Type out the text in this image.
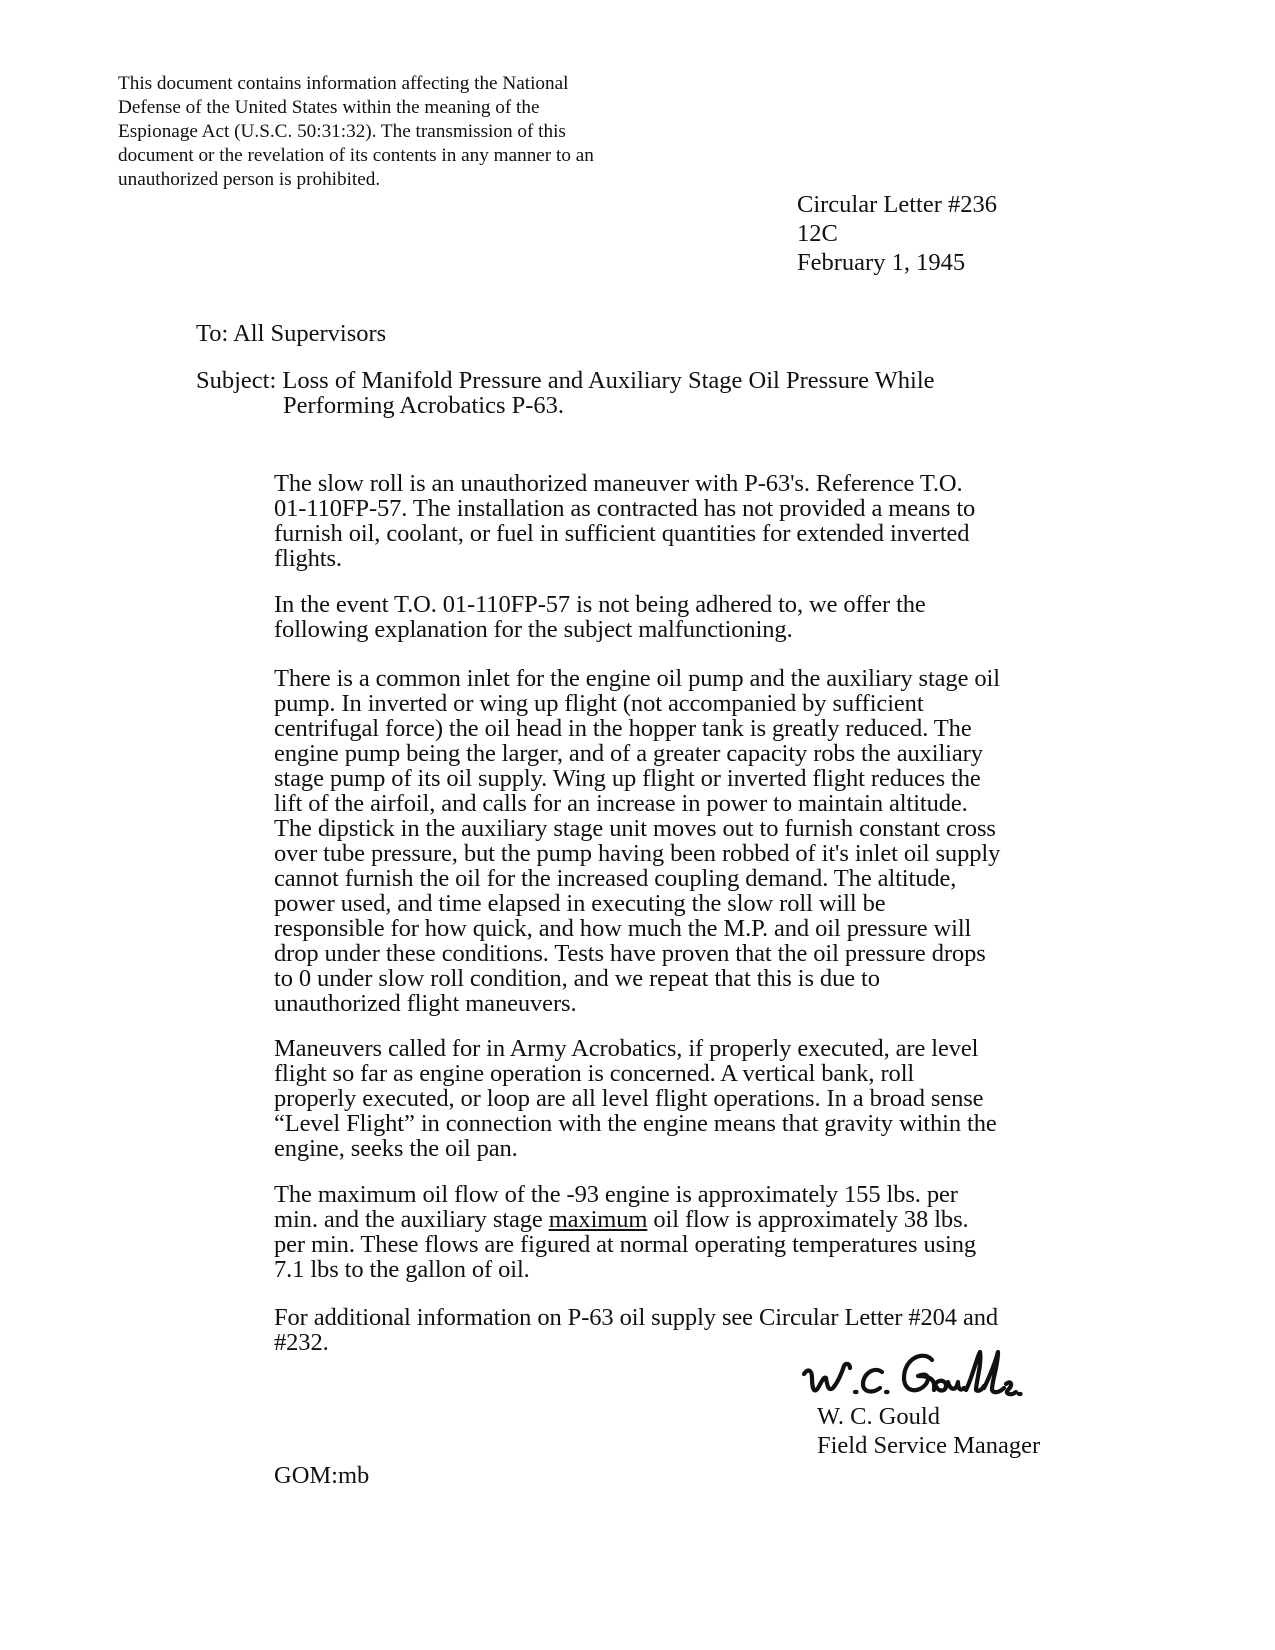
This document contains information affecting the National
Defense of the United States within the meaning of the
Espionage Act (U.S.C. 50:31:32). The transmission of this
document or the revelation of its contents in any manner to an
unauthorized person is prohibited.
Circular Letter #236
12C
February 1, 1945
To: All Supervisors
Subject: Loss of Manifold Pressure and Auxiliary Stage Oil Pressure While
Performing Acrobatics P-63.
The slow roll is an unauthorized maneuver with P-63's. Reference T.O.
01-110FP-57. The installation as contracted has not provided a means to
furnish oil, coolant, or fuel in sufficient quantities for extended inverted
flights.
In the event T.O. 01-110FP-57 is not being adhered to, we offer the
following explanation for the subject malfunctioning.
There is a common inlet for the engine oil pump and the auxiliary stage oil
pump. In inverted or wing up flight (not accompanied by sufficient
centrifugal force) the oil head in the hopper tank is greatly reduced. The
engine pump being the larger, and of a greater capacity robs the auxiliary
stage pump of its oil supply. Wing up flight or inverted flight reduces the
lift of the airfoil, and calls for an increase in power to maintain altitude.
The dipstick in the auxiliary stage unit moves out to furnish constant cross
over tube pressure, but the pump having been robbed of it's inlet oil supply
cannot furnish the oil for the increased coupling demand. The altitude,
power used, and time elapsed in executing the slow roll will be
responsible for how quick, and how much the M.P. and oil pressure will
drop under these conditions. Tests have proven that the oil pressure drops
to 0 under slow roll condition, and we repeat that this is due to
unauthorized flight maneuvers.
Maneuvers called for in Army Acrobatics, if properly executed, are level
flight so far as engine operation is concerned. A vertical bank, roll
properly executed, or loop are all level flight operations. In a broad sense
“Level Flight” in connection with the engine means that gravity within the
engine, seeks the oil pan.
The maximum oil flow of the -93 engine is approximately 155 lbs. per
min. and the auxiliary stage maximum oil flow is approximately 38 lbs.
per min. These flows are figured at normal operating temperatures using
7.1 lbs to the gallon of oil.
For additional information on P-63 oil supply see Circular Letter #204 and
#232.
W. C. Gould
Field Service Manager
GOM:mb
